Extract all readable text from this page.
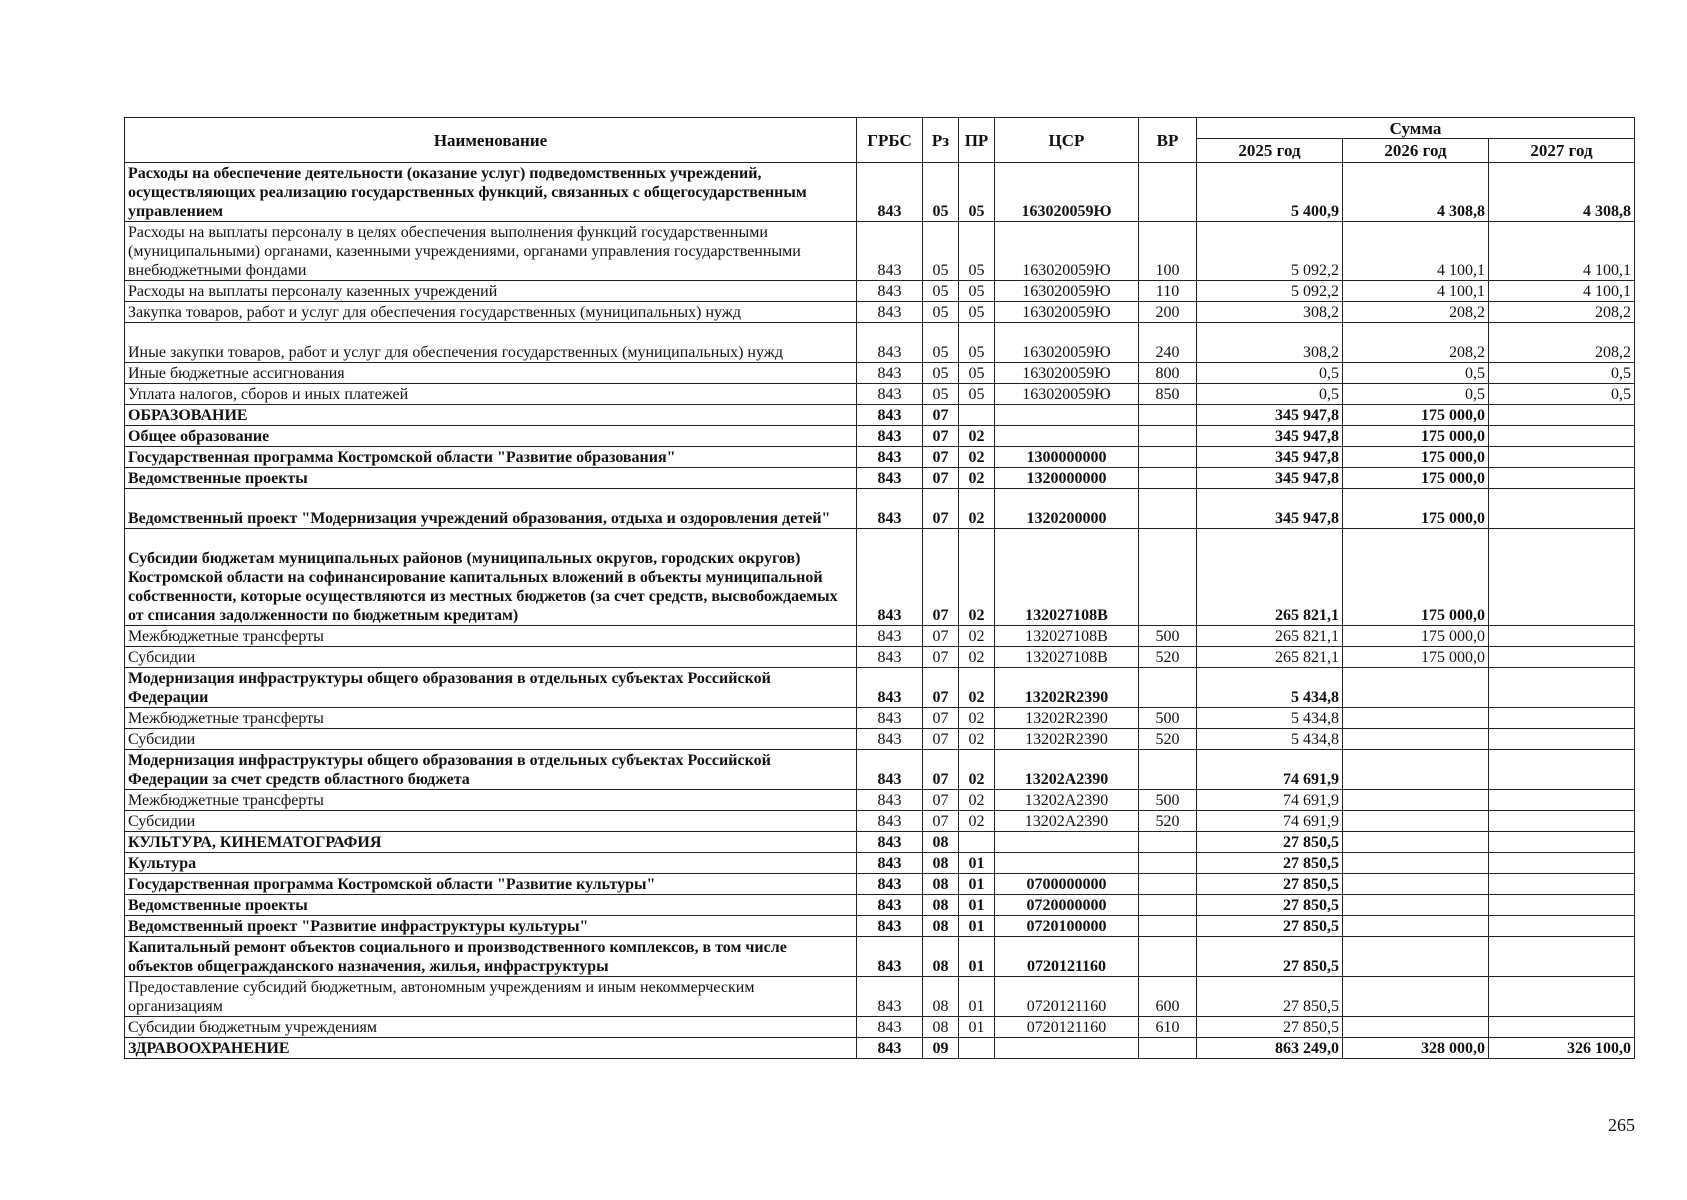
Наименование	ГРБС	Рз	ПР	ЦСР	ВР	Сумма		
						2025 год	2026 год	2027 год
Расходы на обеспечение деятельности (оказание услуг) подведомственных учреждений, осуществляющих реализацию государственных функций, связанных с общегосударственным управлением	843	05	05	163020059Ю		5 400,9	4 308,8	4 308,8
Расходы на выплаты персоналу в целях обеспечения выполнения функций государственными (муниципальными) органами, казенными учреждениями, органами управления государственными внебюджетными фондами	843	05	05	163020059Ю	100	5 092,2	4 100,1	4 100,1
Расходы на выплаты персоналу казенных учреждений	843	05	05	163020059Ю	110	5 092,2	4 100,1	4 100,1
Закупка товаров, работ и услуг для обеспечения государственных (муниципальных) нужд	843	05	05	163020059Ю	200	308,2	208,2	208,2
Иные закупки товаров, работ и услуг для обеспечения государственных (муниципальных) нужд	843	05	05	163020059Ю	240	308,2	208,2	208,2
Иные бюджетные ассигнования	843	05	05	163020059Ю	800	0,5	0,5	0,5
Уплата налогов, сборов и иных платежей	843	05	05	163020059Ю	850	0,5	0,5	0,5
ОБРАЗОВАНИЕ	843	07				345 947,8	175 000,0	
Общее образование	843	07	02			345 947,8	175 000,0	
Государственная программа Костромской области "Развитие образования"	843	07	02	1300000000		345 947,8	175 000,0	
Ведомственные проекты	843	07	02	1320000000		345 947,8	175 000,0	
Ведомственный проект "Модернизация учреждений образования, отдыха и оздоровления детей"	843	07	02	1320200000		345 947,8	175 000,0	
Субсидии бюджетам муниципальных районов (муниципальных округов, городских округов) Костромской области на софинансирование капитальных вложений в объекты муниципальной собственности, которые осуществляются из местных бюджетов (за счет средств, высвобождаемых от списания задолженности по бюджетным кредитам)	843	07	02	132027108В		265 821,1	175 000,0	
Межбюджетные трансферты	843	07	02	132027108В	500	265 821,1	175 000,0	
Субсидии	843	07	02	132027108В	520	265 821,1	175 000,0	
Модернизация инфраструктуры общего образования в отдельных субъектах Российской Федерации	843	07	02	13202R2390		5 434,8		
Межбюджетные трансферты	843	07	02	13202R2390	500	5 434,8		
Субсидии	843	07	02	13202R2390	520	5 434,8		
Модернизация инфраструктуры общего образования в отдельных субъектах Российской Федерации за счет средств областного бюджета	843	07	02	13202A2390		74 691,9		
Межбюджетные трансферты	843	07	02	13202A2390	500	74 691,9		
Субсидии	843	07	02	13202A2390	520	74 691,9		
КУЛЬТУРА, КИНЕМАТОГРАФИЯ	843	08				27 850,5		
Культура	843	08	01			27 850,5		
Государственная программа Костромской области "Развитие культуры"	843	08	01	0700000000		27 850,5		
Ведомственные проекты	843	08	01	0720000000		27 850,5		
Ведомственный проект "Развитие инфраструктуры культуры"	843	08	01	0720100000		27 850,5		
Капитальный ремонт объектов социального и производственного комплексов, в том числе объектов общегражданского назначения, жилья, инфраструктуры	843	08	01	0720121160		27 850,5		
Предоставление субсидий бюджетным, автономным учреждениям и иным некоммерческим организациям	843	08	01	0720121160	600	27 850,5		
Субсидии бюджетным учреждениям	843	08	01	0720121160	610	27 850,5		
ЗДРАВООХРАНЕНИЕ	843	09				863 249,0	328 000,0	326 100,0
265
